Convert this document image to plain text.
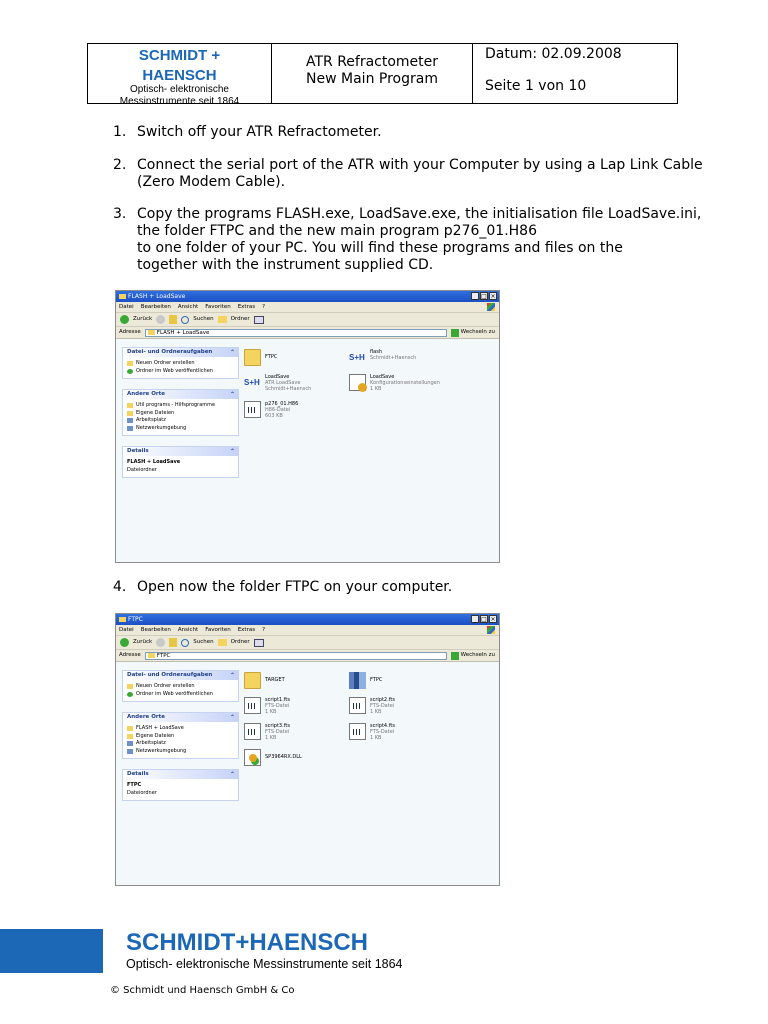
SCHMIDT +
HAENSCH
Optisch- elektronische
Messinstrumente seit 1864
ATR Refractometer
New Main Program
Datum: 02.09.2008
Seite 1 von 10
1. Switch off your ATR Refractometer.
2. Connect the serial port of the ATR with your Computer by using a Lap Link Cable
(Zero Modem Cable).
3. Copy the programs FLASH.exe, LoadSave.exe, the initialisation file LoadSave.ini,
the folder FTPC and the new main program p276_01.H86
to one folder of your PC. You will find these programs and files on the
together with the instrument supplied CD.
FLASH + LoadSave	_ □ ×
Datei Bearbeiten Ansicht Favoriten Extras ?
Zurück	Suchen	Ordner
Adresse	FLASH + LoadSave	Wechseln zu
Datei- und Ordneraufgaben	⌃
Neuen Ordner erstellen
Ordner im Web veröffentlichen
Andere Orte	⌃
Util programs - Hilfsprogramme
Eigene Dateien
Arbeitsplatz
Netzwerkumgebung
Details	⌃
FLASH + LoadSave
Dateiordner
FTPC	S+H
flash
Schmidt+Haensch
S+H
LoadSave
ATR LoadSave
Schmidt+Haensch
LoadSave
Konfigurationseinstellungen
1 KB
p276_01.H86
H86-Datei
603 KB
4. Open now the folder FTPC on your computer.
FTPC	_ □ ×
Datei Bearbeiten Ansicht Favoriten Extras ?
Zurück	Suchen	Ordner
Adresse	FTPC	Wechseln zu
Datei- und Ordneraufgaben	⌃
Neuen Ordner erstellen
Ordner im Web veröffentlichen
Andere Orte	⌃
FLASH + LoadSave
Eigene Dateien
Arbeitsplatz
Netzwerkumgebung
Details	⌃
FTPC
Dateiordner
TARGET	FTPC
script1.fts
FTS-Datei
1 KB
script2.fts
FTS-Datei
1 KB
script3.fts
FTS-Datei
1 KB
script4.fts
FTS-Datei
1 KB
SP3964RX.DLL
SCHMIDT+HAENSCH
Optisch- elektronische Messinstrumente seit 1864
© Schmidt und Haensch GmbH & Co
